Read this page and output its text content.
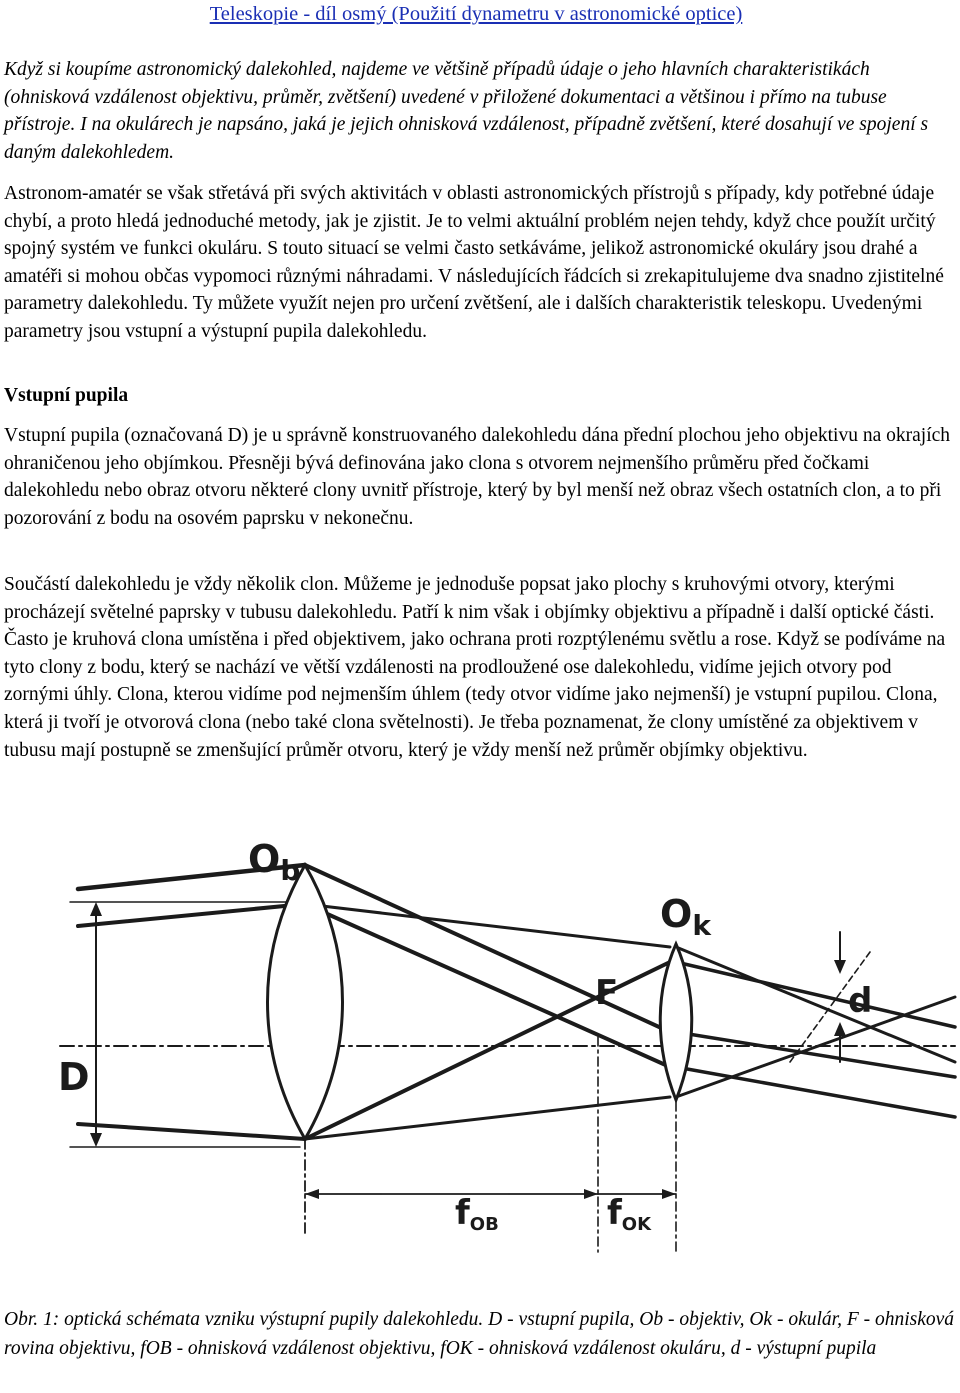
Teleskopie - díl osmý (Použití dynametru v astronomické optice)

Když si koupíme astronomický dalekohled, najdeme ve většině případů údaje o jeho hlavních charakteristikách (ohnisková vzdálenost objektivu, průměr, zvětšení) uvedené v přiložené dokumentaci a většinou i přímo na tubuse přístroje. I na okulárech je napsáno, jaká je jejich ohnisková vzdálenost, případně zvětšení, které dosahují ve spojení s daným dalekohledem.

Astronom-amatér se však střetává při svých aktivitách v oblasti astronomických přístrojů s případy, kdy potřebné údaje chybí, a proto hledá jednoduché metody, jak je zjistit. Je to velmi aktuální problém nejen tehdy, když chce použít určitý spojný systém ve funkci okuláru. S touto situací se velmi často setkáváme, jelikož astronomické okuláry jsou drahé a amatéři si mohou občas vypomoci různými náhradami. V následujících řádcích si zrekapitulujeme dva snadno zjistitelné parametry dalekohledu. Ty můžete využít nejen pro určení zvětšení, ale i dalších charakteristik teleskopu. Uvedenými parametry jsou vstupní a výstupní pupila dalekohledu.

Vstupní pupila

Vstupní pupila (označovaná D) je u správně konstruovaného dalekohledu dána přední plochou jeho objektivu na okrajích ohraničenou jeho objímkou. Přesněji bývá definována jako clona s otvorem nejmenšího průměru před čočkami dalekohledu nebo obraz otvoru některé clony uvnitř přístroje, který by byl menší než obraz všech ostatních clon, a to při pozorování z bodu na osovém paprsku v nekonečnu.

Součástí dalekohledu je vždy několik clon. Můžeme je jednoduše popsat jako plochy s kruhovými otvory, kterými procházejí světelné paprsky v tubusu dalekohledu. Patří k nim však i objímky objektivu a případně i další optické části. Často je kruhová clona umístěna i před objektivem, jako ochrana proti rozptýlenému světlu a rose. Když se podíváme na tyto clony z bodu, který se nachází ve větší vzdálenosti na prodloužené ose dalekohledu, vidíme jejich otvory pod zornými úhly. Clona, kterou vidíme pod nejmenším úhlem (tedy otvor vidíme jako nejmenší) je vstupní pupilou. Clona, která ji tvoří je otvorová clona (nebo také clona světelnosti). Je třeba poznamenat, že clony umístěné za objektivem v tubusu mají postupně se zmenšující průměr otvoru, který je vždy menší než průměr objímky objektivu.

$O_b$
$O_k$
F
D
d
fOB	fOK

Obr. 1: optická schémata vzniku výstupní pupily dalekohledu. D - vstupní pupila, Ob - objektiv, Ok - okulár, F - ohnisková rovina objektivu, fOB - ohnisková vzdálenost objektivu, fOK - ohnisková vzdálenost okuláru, d - výstupní pupila
